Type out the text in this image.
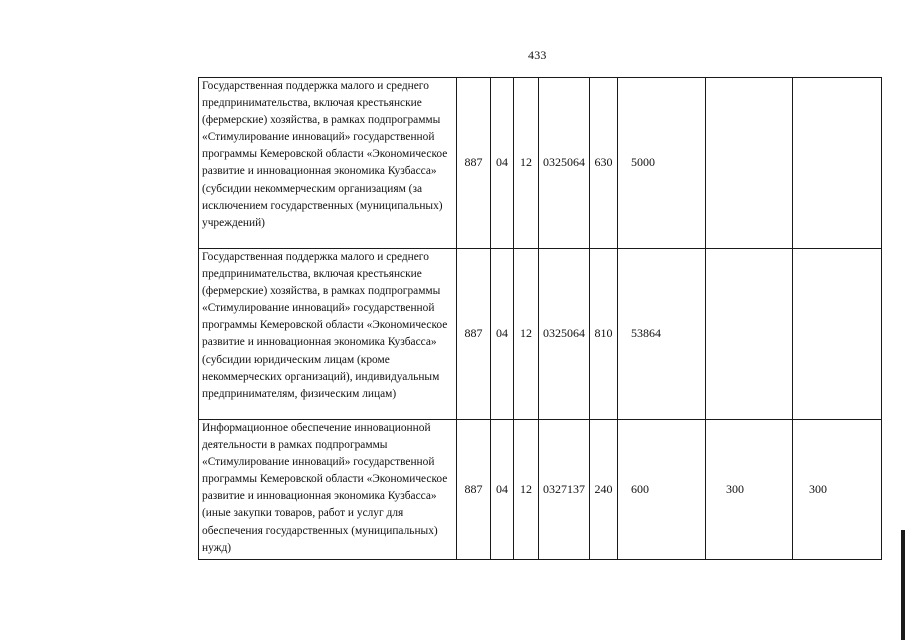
433
Государственная поддержка малого и среднего предпринимательства, включая крестьянские (фермерские) хозяйства, в рамках подпрограммы «Стимулирование инноваций» государственной программы Кемеровской области «Экономическое развитие и инновационная экономика Кузбасса» (субсидии некоммерческим организациям (за исключением государственных (муниципальных) учреждений)	887	04	12	0325064	630	5000		
Государственная поддержка малого и среднего предпринимательства, включая крестьянские (фермерские) хозяйства, в рамках подпрограммы «Стимулирование инноваций» государственной программы Кемеровской области «Экономическое развитие и инновационная экономика Кузбасса» (субсидии юридическим лицам (кроме некоммерческих организаций), индивидуальным предпринимателям, физическим лицам)	887	04	12	0325064	810	53864		
Информационное обеспечение инновационной деятельности в рамках подпрограммы «Стимулирование инноваций» государственной программы Кемеровской области «Экономическое развитие и инновационная экономика Кузбасса» (иные закупки товаров, работ и услуг для обеспечения государственных (муниципальных) нужд)	887	04	12	0327137	240	600	300	300
